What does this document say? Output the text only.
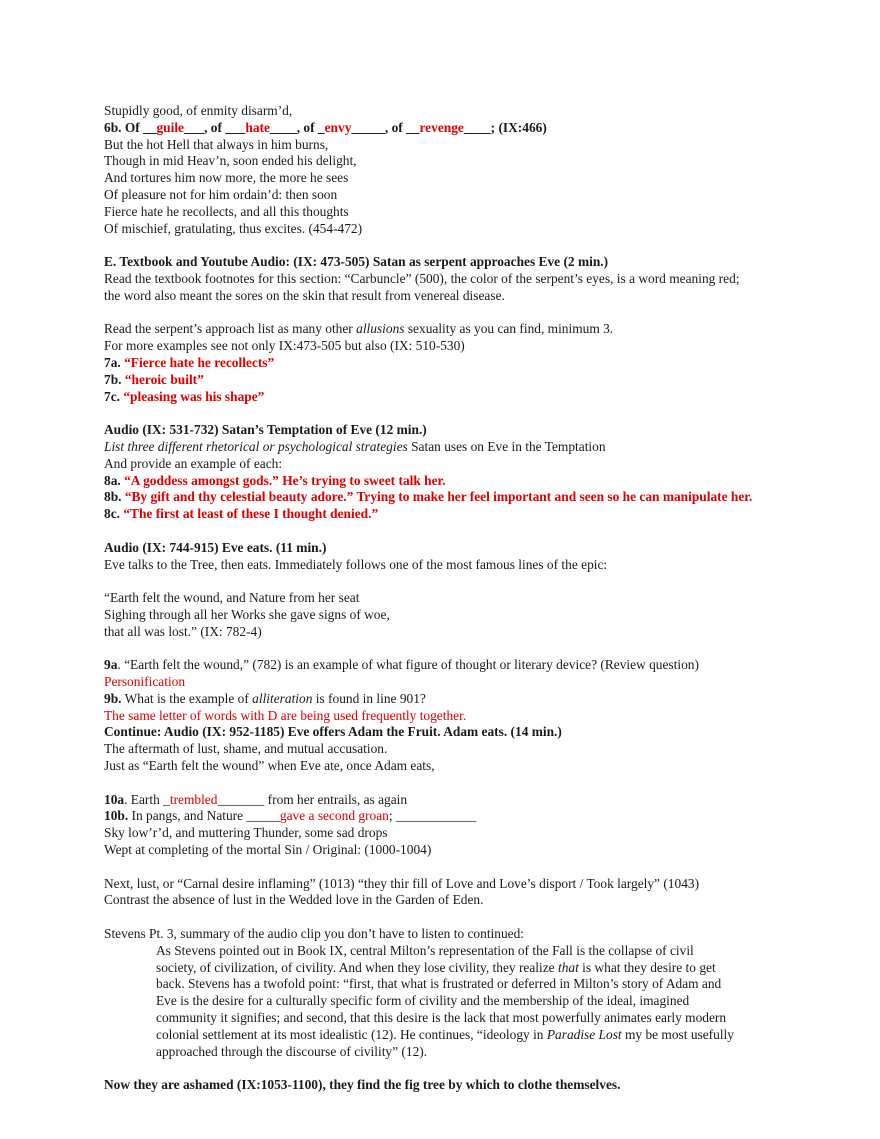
Stupidly good, of enmity disarm’d,
6b. Of __guile___, of ___hate____, of _envy_____, of __revenge____; (IX:466)
But the hot Hell that always in him burns,
Though in mid Heav’n, soon ended his delight,
And tortures him now more, the more he sees
Of pleasure not for him ordain’d: then soon
Fierce hate he recollects, and all this thoughts
Of mischief, gratulating, thus excites. (454-472)
E. Textbook and Youtube Audio: (IX: 473-505) Satan as serpent approaches Eve (2 min.)
Read the textbook footnotes for this section: “Carbuncle” (500), the color of the serpent’s eyes, is a word meaning red;
the word also meant the sores on the skin that result from venereal disease.
Read the serpent’s approach list as many other allusions sexuality as you can find, minimum 3.
For more examples see not only IX:473-505 but also (IX: 510-530)
7a. “Fierce hate he recollects”
7b. “heroic built”
7c. “pleasing was his shape”
Audio (IX: 531-732) Satan’s Temptation of Eve (12 min.)
List three different rhetorical or psychological strategies Satan uses on Eve in the Temptation
And provide an example of each:
8a. “A goddess amongst gods.” He’s trying to sweet talk her.
8b. “By gift and thy celestial beauty adore.” Trying to make her feel important and seen so he can manipulate her.
8c. “The first at least of these I thought denied.”
Audio (IX: 744-915) Eve eats. (11 min.)
Eve talks to the Tree, then eats. Immediately follows one of the most famous lines of the epic:
“Earth felt the wound, and Nature from her seat
Sighing through all her Works she gave signs of woe,
that all was lost.” (IX: 782-4)
9a. “Earth felt the wound,” (782) is an example of what figure of thought or literary device? (Review question)
Personification
9b. What is the example of alliteration is found in line 901?
The same letter of words with D are being used frequently together.
Continue: Audio (IX: 952-1185) Eve offers Adam the Fruit. Adam eats. (14 min.)
The aftermath of lust, shame, and mutual accusation.
Just as “Earth felt the wound” when Eve ate, once Adam eats,
10a. Earth _trembled_______ from her entrails, as again
10b. In pangs, and Nature _____gave a second groan; ____________
Sky low’r’d, and muttering Thunder, some sad drops
Wept at completing of the mortal Sin / Original: (1000-1004)
Next, lust, or “Carnal desire inflaming” (1013) “they thir fill of Love and Love’s disport / Took largely” (1043)
Contrast the absence of lust in the Wedded love in the Garden of Eden.
Stevens Pt. 3, summary of the audio clip you don’t have to listen to continued:
As Stevens pointed out in Book IX, central Milton’s representation of the Fall is the collapse of civil
society, of civilization, of civility. And when they lose civility, they realize that is what they desire to get
back. Stevens has a twofold point: “first, that what is frustrated or deferred in Milton’s story of Adam and
Eve is the desire for a culturally specific form of civility and the membership of the ideal, imagined
community it signifies; and second, that this desire is the lack that most powerfully animates early modern
colonial settlement at its most idealistic (12). He continues, “ideology in Paradise Lost my be most usefully
approached through the discourse of civility” (12).
Now they are ashamed (IX:1053-1100), they find the fig tree by which to clothe themselves.
